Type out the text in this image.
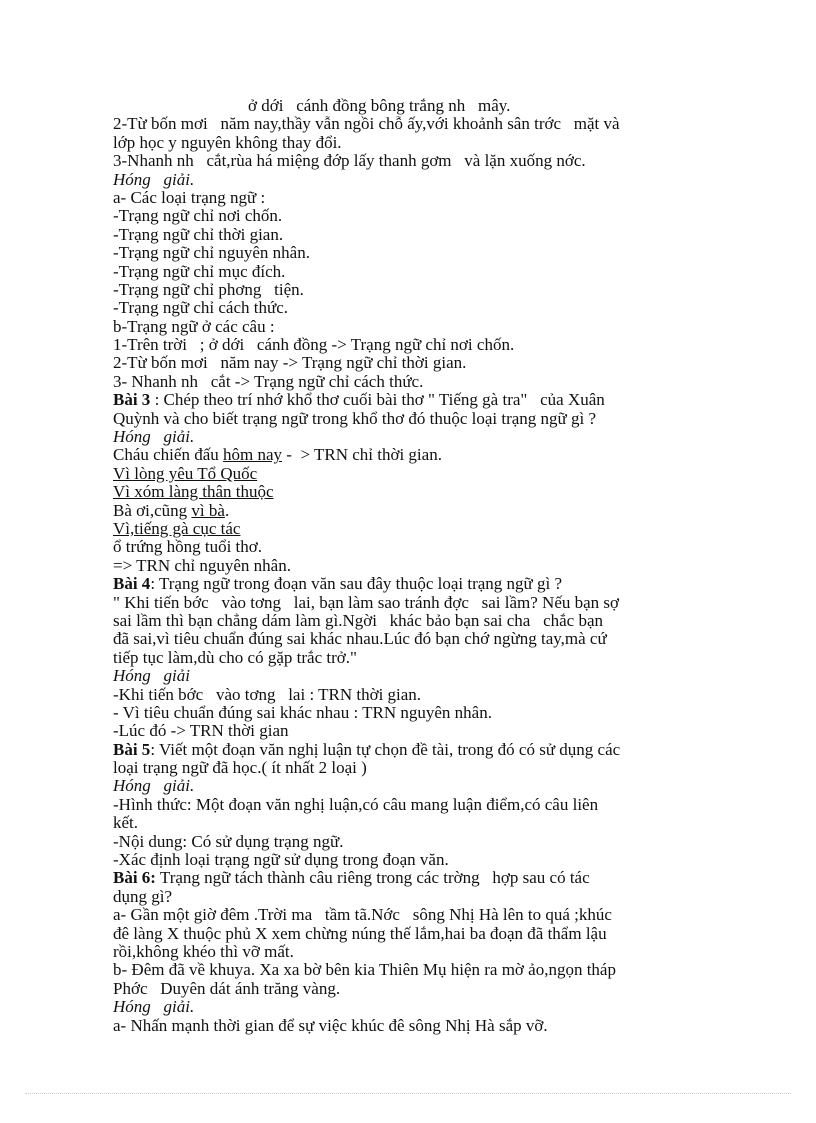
ở dới   cánh đồng bông trắng nh   mây.
2-Từ bốn mơi   năm nay,thầy vẫn ngồi chỗ ấy,với khoảnh sân trớc   mặt và
lớp học y nguyên không thay đổi.
3-Nhanh nh   cắt,rùa há miệng đớp lấy thanh gơm   và lặn xuống nớc.
Hóng   giải.
a- Các loại trạng ngữ :
-Trạng ngữ chỉ nơi chốn.
-Trạng ngữ chỉ thời gian.
-Trạng ngữ chỉ nguyên nhân.
-Trạng ngữ chỉ mục đích.
-Trạng ngữ chỉ phơng   tiện.
-Trạng ngữ chỉ cách thức.
b-Trạng ngữ ở các câu :
1-Trên trời   ; ở dới   cánh đồng -> Trạng ngữ chỉ nơi chốn.
2-Từ bốn mơi   năm nay -> Trạng ngữ chỉ thời gian.
3- Nhanh nh   cắt -> Trạng ngữ chỉ cách thức.
Bài 3 : Chép theo trí nhớ khổ thơ cuối bài thơ " Tiếng gà tra"   của Xuân
Quỳnh và cho biết trạng ngữ trong khổ thơ đó thuộc loại trạng ngữ gì ?
Hóng   giải.
Cháu chiến đấu hôm nay -  > TRN chỉ thời gian.
Vì lòng yêu Tổ Quốc
Vì xóm làng thân thuộc
Bà ơi,cũng vì bà.
Vì,tiếng gà cục tác
ổ trứng hồng tuổi thơ.
=> TRN chỉ nguyên nhân.
Bài 4: Trạng ngữ trong đoạn văn sau đây thuộc loại trạng ngữ gì ?
" Khi tiến bớc   vào tơng   lai, bạn làm sao tránh đợc   sai lầm? Nếu bạn sợ
sai lầm thì bạn chẳng dám làm gì.Ngời   khác bảo bạn sai cha   chắc bạn
đã sai,vì tiêu chuẩn đúng sai khác nhau.Lúc đó bạn chớ ngừng tay,mà cứ
tiếp tục làm,dù cho có gặp trắc trở."
Hóng   giải
-Khi tiến bớc   vào tơng   lai : TRN thời gian.
- Vì tiêu chuẩn đúng sai khác nhau : TRN nguyên nhân.
-Lúc đó -> TRN thời gian
Bài 5: Viết một đoạn văn nghị luận tự chọn đề tài, trong đó có sử dụng các
loại trạng ngữ đã học.( ít nhất 2 loại )
Hóng   giải.
-Hình thức: Một đoạn văn nghị luận,có câu mang luận điểm,có câu liên
kết.
-Nội dung: Có sử dụng trạng ngữ.
-Xác định loại trạng ngữ sử dụng trong đoạn văn.
Bài 6: Trạng ngữ tách thành câu riêng trong các trờng   hợp sau có tác
dụng gì?
a- Gần một giờ đêm .Trời ma   tầm tã.Nớc   sông Nhị Hà lên to quá ;khúc
đê làng X thuộc phủ X xem chừng núng thế lắm,hai ba đoạn đã thẩm lậu
rồi,không khéo thì vỡ mất.
b- Đêm đã về khuya. Xa xa bờ bên kia Thiên Mụ hiện ra mờ ảo,ngọn tháp
Phớc   Duyên dát ánh trăng vàng.
Hóng   giải.
a- Nhấn mạnh thời gian để sự việc khúc đê sông Nhị Hà sắp vỡ.
